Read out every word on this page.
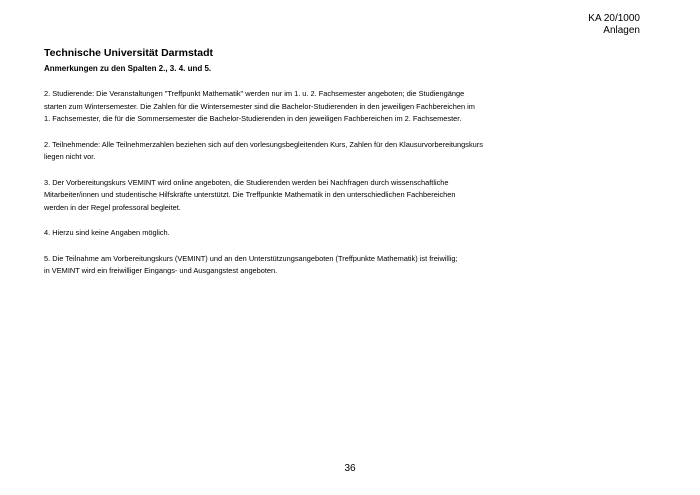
KA 20/1000
Anlagen
Technische Universität Darmstadt
Anmerkungen zu den Spalten 2., 3. 4. und 5.

2. Studierende: Die Veranstaltungen "Treffpunkt Mathematik" werden nur im 1. u. 2. Fachsemester angeboten; die Studiengänge
starten zum Wintersemester. Die Zahlen für die Wintersemester sind die Bachelor-Studierenden in den jeweiligen Fachbereichen im
1. Fachsemester, die für die Sommersemester die Bachelor-Studierenden in den jeweiligen Fachbereichen im 2. Fachsemester.

2. Teilnehmende: Alle Teilnehmerzahlen beziehen sich auf den vorlesungsbegleitenden Kurs, Zahlen für den Klausurvorbereitungskurs
liegen nicht vor.

3. Der Vorbereitungskurs VEMINT wird online angeboten, die Studierenden werden bei Nachfragen durch wissenschaftliche
Mitarbeiter/innen und studentische Hilfskräfte unterstützt. Die Treffpunkte Mathematik in den unterschiedlichen Fachbereichen
werden in der Regel professoral begleitet.

4. Hierzu sind keine Angaben möglich.

5. Die Teilnahme am Vorbereitungskurs (VEMINT) und an den Unterstützungsangeboten (Treffpunkte Mathematik) ist freiwillig;
in VEMINT wird ein freiwilliger Eingangs- und Ausgangstest angeboten.

36
